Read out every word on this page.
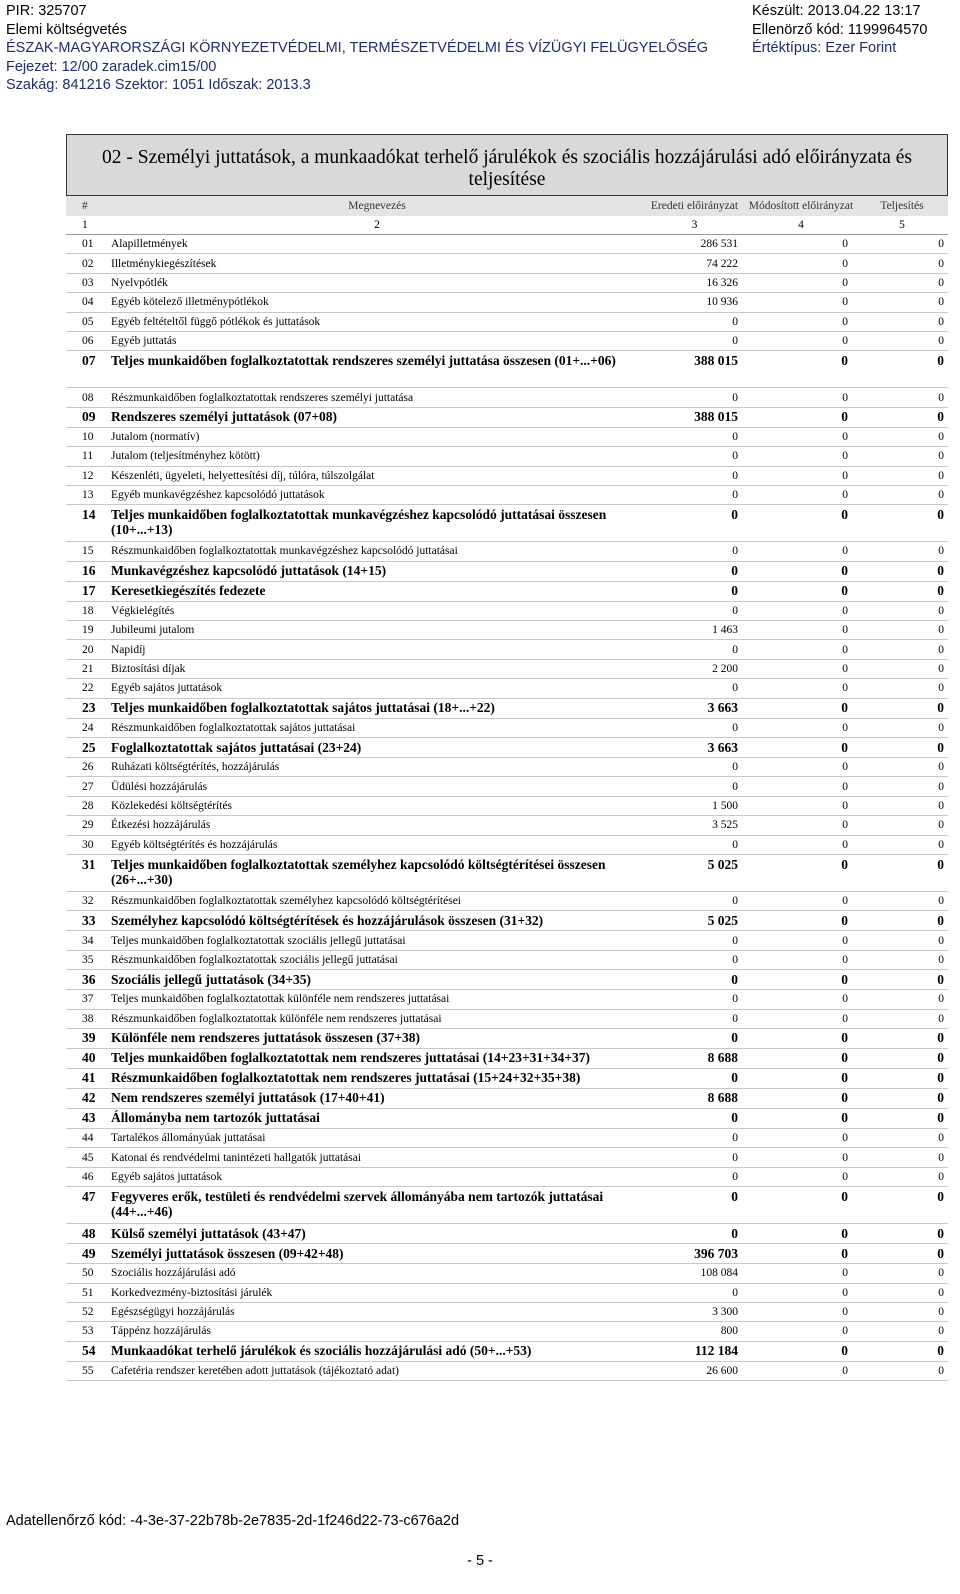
PIR: 325707
Elemi költségvetés
ÉSZAK-MAGYARORSZÁGI KÖRNYEZETVÉDELMI, TERMÉSZETVÉDELMI ÉS VÍZÜGYI FELÜGYELŐSÉG
Fejezet: 12/00 zaradek.cim15/00
Szakág: 841216 Szektor: 1051 Időszak: 2013.3
Készült: 2013.04.22 13:17
Ellenörző kód: 1199964570
Értéktípus: Ezer Forint
02 - Személyi juttatások, a munkaadókat terhelő járulékok és szociális hozzájárulási adó előirányzata és teljesítése
#	Megnevezés	Eredeti előirányzat	Módosított előirányzat	Teljesítés
1	2	3	4	5
01	Alapilletmények	286 531	0	0
02	Illetménykiegészítések	74 222	0	0
03	Nyelvpótlék	16 326	0	0
04	Egyéb kötelező illetménypótlékok	10 936	0	0
05	Egyéb feltételtől függő pótlékok és juttatások	0	0	0
06	Egyéb juttatás	0	0	0
07	Teljes munkaidőben foglalkoztatottak rendszeres személyi juttatása összesen (01+...+06)	388 015	0	0
08	Részmunkaidőben foglalkoztatottak rendszeres személyi juttatása	0	0	0
09	Rendszeres személyi juttatások (07+08)	388 015	0	0
10	Jutalom (normatív)	0	0	0
11	Jutalom (teljesítményhez kötött)	0	0	0
12	Készenléti, ügyeleti, helyettesítési díj, túlóra, túlszolgálat	0	0	0
13	Egyéb munkavégzéshez kapcsolódó juttatások	0	0	0
14	Teljes munkaidőben foglalkoztatottak munkavégzéshez kapcsolódó juttatásai összesen (10+...+13)	0	0	0
15	Részmunkaidőben foglalkoztatottak munkavégzéshez kapcsolódó juttatásai	0	0	0
16	Munkavégzéshez kapcsolódó juttatások (14+15)	0	0	0
17	Keresetkiegészítés fedezete	0	0	0
18	Végkielégítés	0	0	0
19	Jubileumi jutalom	1 463	0	0
20	Napidíj	0	0	0
21	Biztosítási díjak	2 200	0	0
22	Egyéb sajátos juttatások	0	0	0
23	Teljes munkaidőben foglalkoztatottak sajátos juttatásai (18+...+22)	3 663	0	0
24	Részmunkaidőben foglalkoztatottak sajátos juttatásai	0	0	0
25	Foglalkoztatottak sajátos juttatásai (23+24)	3 663	0	0
26	Ruházati költségtérítés, hozzájárulás	0	0	0
27	Üdülési hozzájárulás	0	0	0
28	Közlekedési költségtérítés	1 500	0	0
29	Étkezési hozzájárulás	3 525	0	0
30	Egyéb költségtérítés és hozzájárulás	0	0	0
31	Teljes munkaidőben foglalkoztatottak személyhez kapcsolódó költségtérítései összesen (26+...+30)	5 025	0	0
32	Részmunkaidőben foglalkoztatottak személyhez kapcsolódó költségtérítései	0	0	0
33	Személyhez kapcsolódó költségtérítések és hozzájárulások összesen (31+32)	5 025	0	0
34	Teljes munkaidőben foglalkoztatottak szociális jellegű juttatásai	0	0	0
35	Részmunkaidőben foglalkoztatottak szociális jellegű juttatásai	0	0	0
36	Szociális jellegű juttatások (34+35)	0	0	0
37	Teljes munkaidőben foglalkoztatottak különféle nem rendszeres juttatásai	0	0	0
38	Részmunkaidőben foglalkoztatottak különféle nem rendszeres juttatásai	0	0	0
39	Különféle nem rendszeres juttatások összesen (37+38)	0	0	0
40	Teljes munkaidőben foglalkoztatottak nem rendszeres juttatásai (14+23+31+34+37)	8 688	0	0
41	Részmunkaidőben foglalkoztatottak nem rendszeres juttatásai (15+24+32+35+38)	0	0	0
42	Nem rendszeres személyi juttatások (17+40+41)	8 688	0	0
43	Állományba nem tartozók juttatásai	0	0	0
44	Tartalékos állományúak juttatásai	0	0	0
45	Katonai és rendvédelmi tanintézeti hallgatók juttatásai	0	0	0
46	Egyéb sajátos juttatások	0	0	0
47	Fegyveres erők, testületi és rendvédelmi szervek állományába nem tartozók juttatásai (44+...+46)	0	0	0
48	Külső személyi juttatások (43+47)	0	0	0
49	Személyi juttatások összesen (09+42+48)	396 703	0	0
50	Szociális hozzájárulási adó	108 084	0	0
51	Korkedvezmény-biztosítási járulék	0	0	0
52	Egészségügyi hozzájárulás	3 300	0	0
53	Táppénz hozzájárulás	800	0	0
54	Munkaadókat terhelő járulékok és szociális hozzájárulási adó (50+...+53)	112 184	0	0
55	Cafetéria rendszer keretében adott juttatások (tájékoztató adat)	26 600	0	0
Adatellenőrző kód: -4-3e-37-22b78b-2e7835-2d-1f246d22-73-c676a2d
- 5 -
